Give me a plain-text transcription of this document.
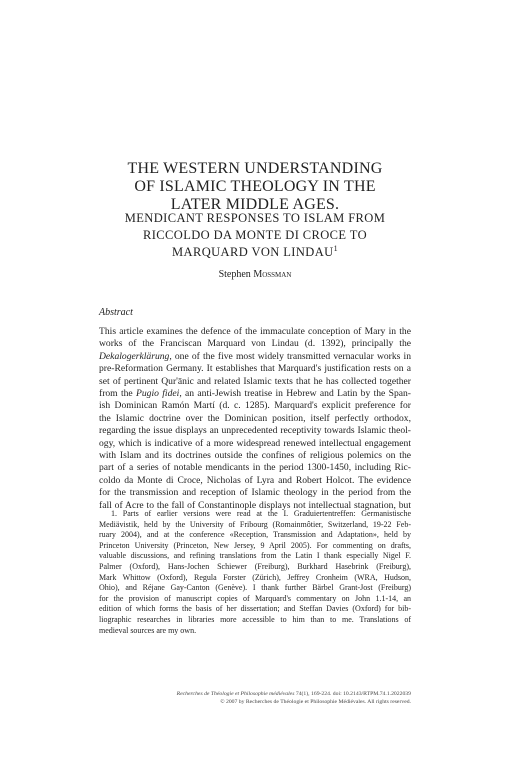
THE WESTERN UNDERSTANDING
OF ISLAMIC THEOLOGY IN THE
LATER MIDDLE AGES.
MENDICANT RESPONSES TO ISLAM FROM
RICCOLDO DA MONTE DI CROCE TO
MARQUARD VON LINDAU$^1$
Stephen Mossman
Abstract
This article examines the defence of the immaculate conception of Mary in the
works of the Franciscan Marquard von Lindau (d. 1392), principally the
Dekalogerklärung, one of the five most widely transmitted vernacular works in
pre-Reformation Germany. It establishes that Marquard's justification rests on a
set of pertinent Qur'ānic and related Islamic texts that he has collected together
from the Pugio fidei, an anti-Jewish treatise in Hebrew and Latin by the Span-
ish Dominican Ramón Martí (d. c. 1285). Marquard's explicit preference for
the Islamic doctrine over the Dominican position, itself perfectly orthodox,
regarding the issue displays an unprecedented receptivity towards Islamic theol-
ogy, which is indicative of a more widespread renewed intellectual engagement
with Islam and its doctrines outside the confines of religious polemics on the
part of a series of notable mendicants in the period 1300-1450, including Ric-
coldo da Monte di Croce, Nicholas of Lyra and Robert Holcot. The evidence
for the transmission and reception of Islamic theology in the period from the
fall of Acre to the fall of Constantinople displays not intellectual stagnation, but
1. Parts of earlier versions were read at the I. Graduiertentreffen: Germanistische
Mediävistik, held by the University of Fribourg (Romainmôtier, Switzerland, 19-22 Feb-
ruary 2004), and at the conference «Reception, Transmission and Adaptation», held by
Princeton University (Princeton, New Jersey, 9 April 2005). For commenting on drafts,
valuable discussions, and refining translations from the Latin I thank especially Nigel F.
Palmer (Oxford), Hans-Jochen Schiewer (Freiburg), Burkhard Hasebrink (Freiburg),
Mark Whittow (Oxford), Regula Forster (Zürich), Jeffrey Cronheim (WRA, Hudson,
Ohio), and Réjane Gay-Canton (Genève). I thank further Bärbel Grant-Jost (Freiburg)
for the provision of manuscript copies of Marquard's commentary on John 1.1-14, an
edition of which forms the basis of her dissertation; and Steffan Davies (Oxford) for bib-
liographic researches in libraries more accessible to him than to me. Translations of
medieval sources are my own.
Recherches de Théologie et Philosophie médiévales 74(1), 169-224. doi: 10.2143/RTPM.74.1.2022039
© 2007 by Recherches de Théologie et Philosophie Médiévales. All rights reserved.
